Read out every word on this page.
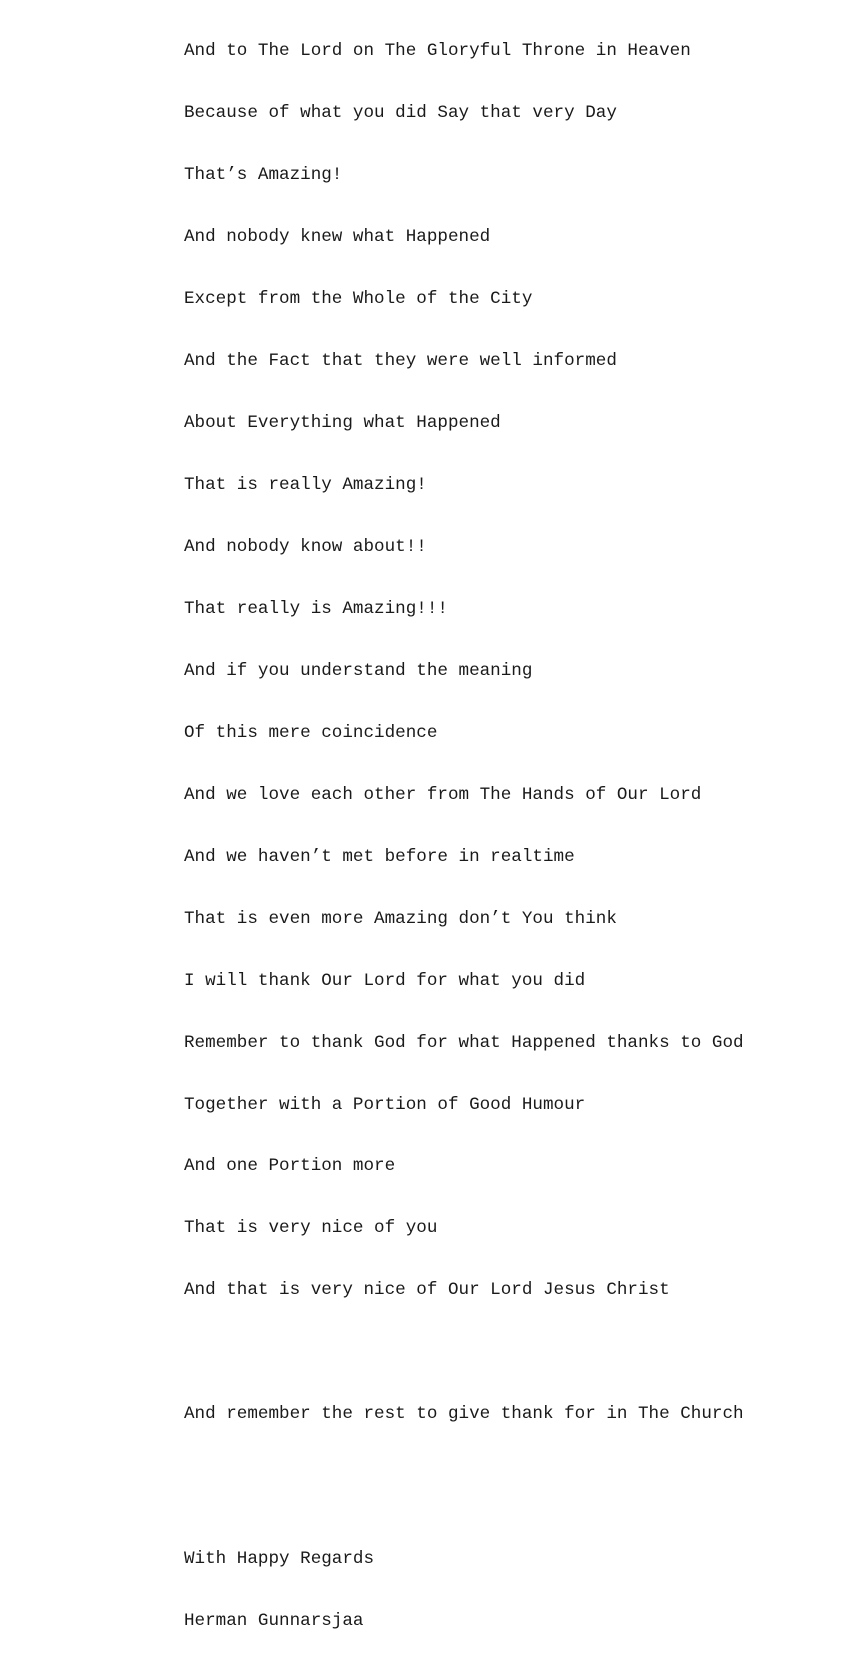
And to The Lord on The Gloryful Throne in Heaven

Because of what you did Say that very Day

That’s Amazing!

And nobody knew what Happened

Except from the Whole of the City

And the Fact that they were well informed

About Everything what Happened

That is really Amazing!

And nobody know about!!

That really is Amazing!!!

And if you understand the meaning

Of this mere coincidence

And we love each other from The Hands of Our Lord

And we haven’t met before in realtime

That is even more Amazing don’t You think

I will thank Our Lord for what you did

Remember to thank God for what Happened thanks to God

Together with a Portion of Good Humour

And one Portion more

That is very nice of you

And that is very nice of Our Lord Jesus Christ

And remember the rest to give thank for in The Church

With Happy Regards

Herman Gunnarsjaa
